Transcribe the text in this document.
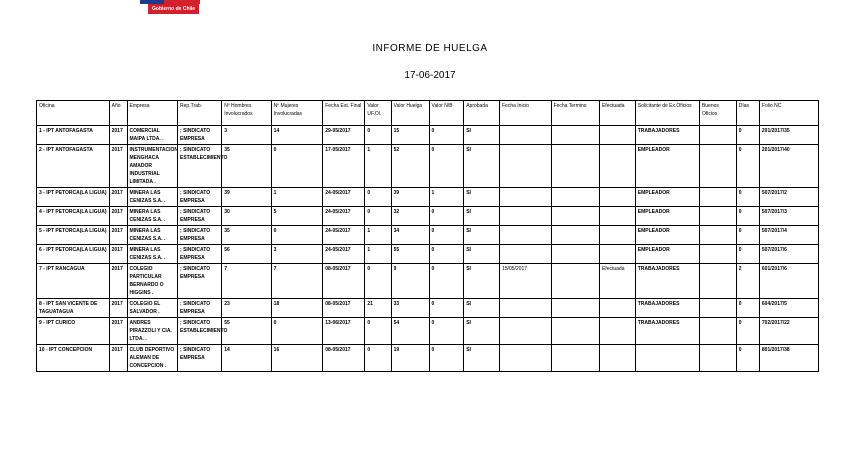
Gobierno de Chile
INFORME DE HUELGA
17-06-2017
Oficina	Año	Empresa	Rep.Trab.	Nº Hombres Involucrados	Nº Mujeres Involucradas	Fecha Est. Final	Valor UF.Ol.	Valor Huelga	Valor N/B	Aprobada	Fecha Inicio	Fecha Termino	Efectuada	Solicitante de Ex.Oficios	Buenos Oficios	Días	Folio NC
1 - IPT ANTOFAGASTA	2017	COMERCIAL MAIPA LTDA. .	; SINDICATO EMPRESA	3	14	29-05/2017	0	15	0	SI				TRABAJADORES		0	201/2017/35
2 - IPT ANTOFAGASTA	2017	INSTRUMENTACION MENGHACA AMADOR INDUSTRIAL LIMITADA .	; SINDICATO ESTABLECIMIENTO	35	0	17-05/2017	1	52	0	SI				EMPLEADOR		0	201/2017/40
3 - IPT PETORCA(LA LIGUA)	2017	MINERA LAS CENIZAS S.A. .	; SINDICATO EMPRESA	39	1	24-05/2017	0	39	1	SI				EMPLEADOR		0	507/2017/2
4 - IPT PETORCA(LA LIGUA)	2017	MINERA LAS CENIZAS S.A. .	; SINDICATO EMPRESA	30	5	24-05/2017	0	32	0	SI				EMPLEADOR		0	507/2017/3
5 - IPT PETORCA(LA LIGUA)	2017	MINERA LAS CENIZAS S.A. .	; SINDICATO EMPRESA	35	0	24-05/2017	1	34	0	SI				EMPLEADOR		0	507/2017/4
6 - IPT PETORCA(LA LIGUA)	2017	MINERA LAS CENIZAS S.A. .	; SINDICATO EMPRESA	56	3	24-05/2017	1	55	0	SI				EMPLEADOR		0	507/2017/6
7 - IPT RANCAGUA	2017	COLEGIO PARTICULAR BERNARDO O HIGGINS .	; SINDICATO EMPRESA	7	7	08-05/2017	0	9	0	SI	15/05/2017		Efectuada	TRABAJADORES		2	601/2017/6
8 - IPT SAN VICENTE DE TAGUATAGUA	2017	COLEGIO EL SALVADOR .	; SINDICATO EMPRESA	23	18	08-05/2017	21	33	0	SI				TRABAJADORES		0	604/2017/5
9 - IPT CURICO	2017	ANDRES PIRAZZOLI Y CIA. LTDA. .	; SINDICATO ESTABLECIMIENTO	55	0	13-06/2017	0	54	0	SI				TRABAJADORES		0	702/2017/22
10 - IPT CONCEPCION	2017	CLUB DEPORTIVO ALEMAN DE CONCEPCION .	; SINDICATO EMPRESA	14	16	08-05/2017	0	19	0	SI						0	801/2017/38
